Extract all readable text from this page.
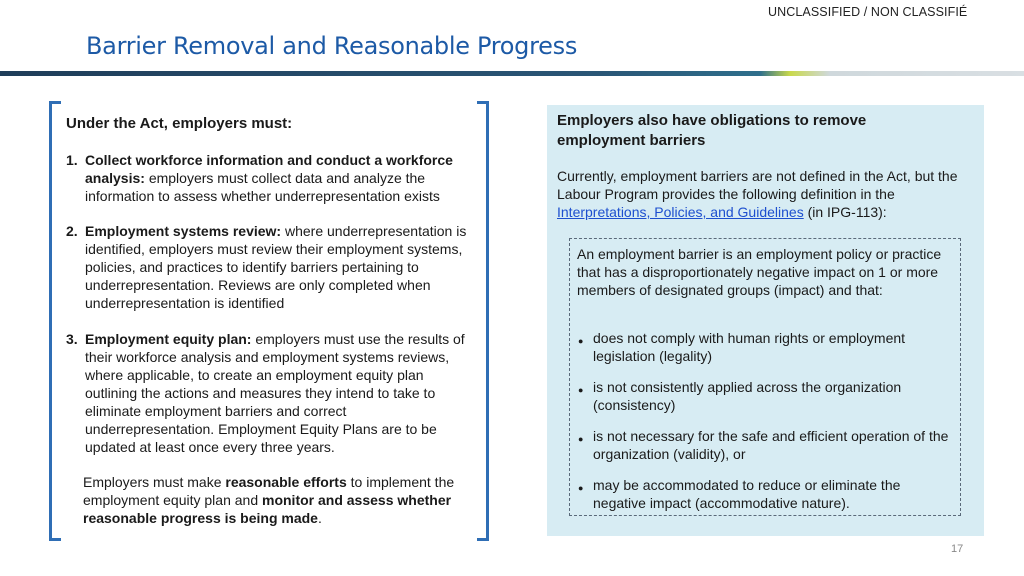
UNCLASSIFIED / NON CLASSIFIÉ
Barrier Removal and Reasonable Progress
Under the Act, employers must:
1. Collect workforce information and conduct a workforce analysis: employers must collect data and analyze the information to assess whether underrepresentation exists
2. Employment systems review: where underrepresentation is identified, employers must review their employment systems, policies, and practices to identify barriers pertaining to underrepresentation. Reviews are only completed when underrepresentation is identified
3. Employment equity plan: employers must use the results of their workforce analysis and employment systems reviews, where applicable, to create an employment equity plan outlining the actions and measures they intend to take to eliminate employment barriers and correct underrepresentation. Employment Equity Plans are to be updated at least once every three years.
Employers must make reasonable efforts to implement the employment equity plan and monitor and assess whether reasonable progress is being made.
Employers also have obligations to remove employment barriers
Currently, employment barriers are not defined in the Act, but the Labour Program provides the following definition in the Interpretations, Policies, and Guidelines (in IPG-113):
An employment barrier is an employment policy or practice that has a disproportionately negative impact on 1 or more members of designated groups (impact) and that:
● does not comply with human rights or employment legislation (legality)
● is not consistently applied across the organization (consistency)
● is not necessary for the safe and efficient operation of the organization (validity), or
● may be accommodated to reduce or eliminate the negative impact (accommodative nature).
17
